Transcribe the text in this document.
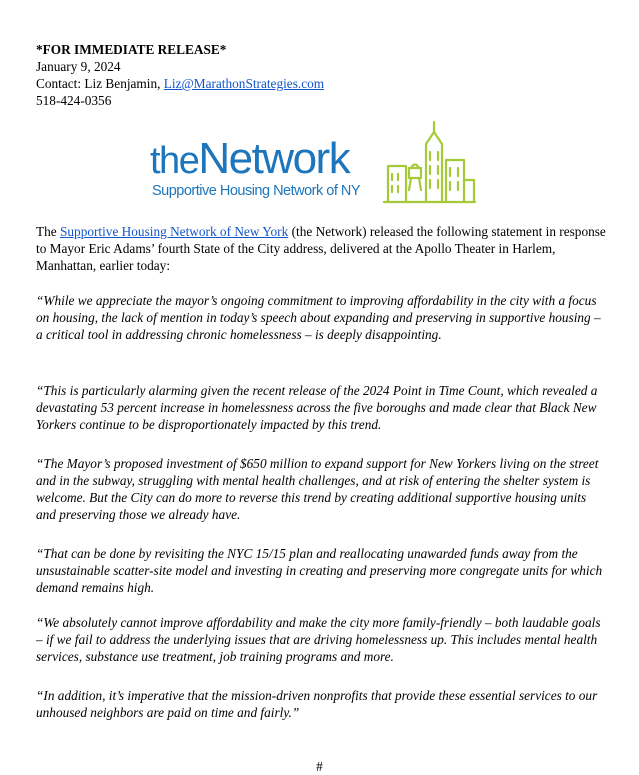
*FOR IMMEDIATE RELEASE*
January 9, 2024
Contact: Liz Benjamin, Liz@MarathonStrategies.com
518-424-0356
theNetwork
Supportive Housing Network of NY

The Supportive Housing Network of New York (the Network) released the following statement in response to Mayor Eric Adams’ fourth State of the City address, delivered at the Apollo Theater in Harlem, Manhattan, earlier today:

“While we appreciate the mayor’s ongoing commitment to improving affordability in the city with a focus on housing, the lack of mention in today’s speech about expanding and preserving in supportive housing – a critical tool in addressing chronic homelessness – is deeply disappointing.

“This is particularly alarming given the recent release of the 2024 Point in Time Count, which revealed a devastating 53 percent increase in homelessness across the five boroughs and made clear that Black New Yorkers continue to be disproportionately impacted by this trend.

“The Mayor’s proposed investment of $650 million to expand support for New Yorkers living on the street and in the subway, struggling with mental health challenges, and at risk of entering the shelter system is welcome. But the City can do more to reverse this trend by creating additional supportive housing units and preserving those we already have.

“That can be done by revisiting the NYC 15/15 plan and reallocating unawarded funds away from the unsustainable scatter-site model and investing in creating and preserving more congregate units for which demand remains high.

“We absolutely cannot improve affordability and make the city more family-friendly – both laudable goals – if we fail to address the underlying issues that are driving homelessness up. This includes mental health services, substance use treatment, job training programs and more.

“In addition, it’s imperative that the mission-driven nonprofits that provide these essential services to our unhoused neighbors are paid on time and fairly.”

#
